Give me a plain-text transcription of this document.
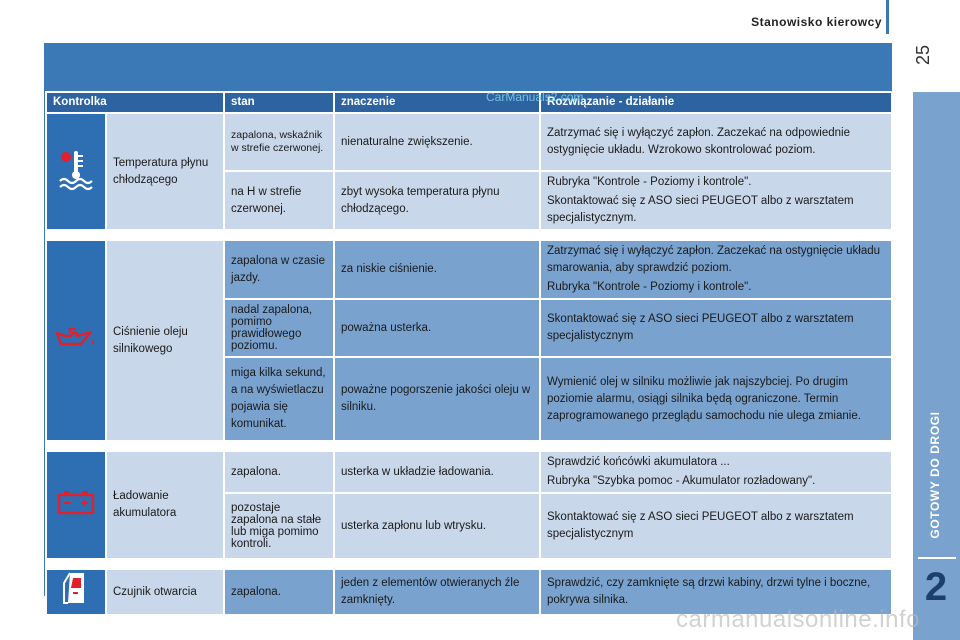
Stanowisko kierowcy
25
GOTOWY DO DROGI
2
Kontrolka		stan	znaczenie	Rozwiązanie - działanie
	Temperatura płynu chłodzącego	zapalona, wskaźnik w strefie czerwonej.	nienaturalne zwiększenie.	Zatrzymać się i wyłączyć zapłon. Zaczekać na odpowiednie ostygnięcie układu. Wzrokowo skontrolować poziom.

		na H w strefie czerwonej.	zbyt wysoka temperatura płynu chłodzącego.	Rubryka "Kontrole - Poziomy i kontrole".
Skontaktować się z ASO sieci PEUGEOT albo z warsztatem specjalistycznym.

	Ciśnienie oleju silnikowego	zapalona w czasie jazdy.	za niskie ciśnienie.	Zatrzymać się i wyłączyć zapłon. Zaczekać na ostygnięcie układu smarowania, aby sprawdzić poziom.
Rubryka "Kontrole - Poziomy i kontrole".

		nadal zapalona, pomimo prawidłowego poziomu.	poważna usterka.	Skontaktować się z ASO sieci PEUGEOT albo z warsztatem specjalistycznym

		miga kilka sekund, a na wyświetlaczu pojawia się komunikat.	poważne pogorszenie jakości oleju w silniku.	Wymienić olej w silniku możliwie jak najszybciej. Po drugim poziomie alarmu, osiągi silnika będą ograniczone. Termin zaprogramowanego przeglądu samochodu nie ulega zmianie.

	Ładowanie akumulatora	zapalona.	usterka w układzie ładowania.	Sprawdzić końcówki akumulatora ...
Rubryka "Szybka pomoc - Akumulator rozładowany".

		pozostaje zapalona na stałe lub miga pomimo kontroli.	usterka zapłonu lub wtrysku.	Skontaktować się z ASO sieci PEUGEOT albo z warsztatem specjalistycznym

	Czujnik otwarcia	zapalona.	jeden z elementów otwieranych źle zamknięty.	Sprawdzić, czy zamknięte są drzwi kabiny, drzwi tylne i boczne, pokrywa silnika.
CarManuals2.com
carmanualsonline.info
